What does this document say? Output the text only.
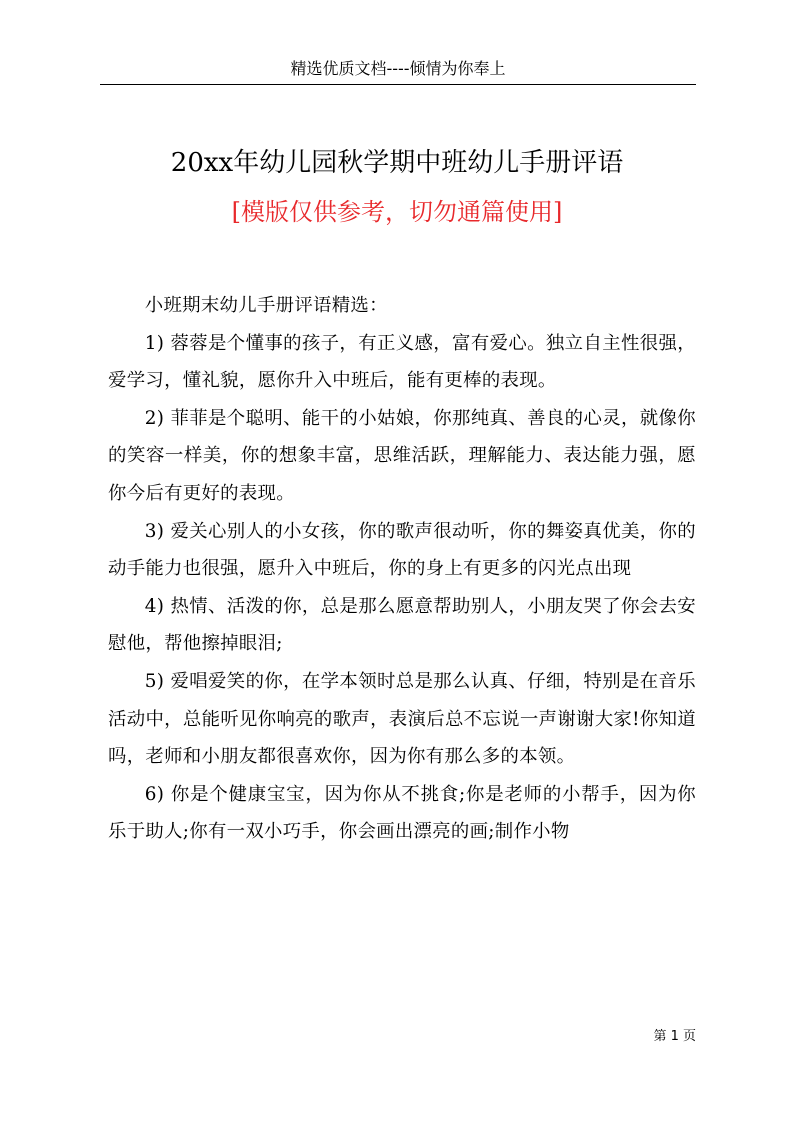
精选优质文档----倾情为你奉上
20xx年幼儿园秋学期中班幼儿手册评语

[模版仅供参考，切勿通篇使用]

小班期末幼儿手册评语精选：

1) 蓉蓉是个懂事的孩子，有正义感，富有爱心。独立自主性很强，爱学习，懂礼貌，愿你升入中班后，能有更棒的表现。

2) 菲菲是个聪明、能干的小姑娘，你那纯真、善良的心灵，就像你的笑容一样美，你的想象丰富，思维活跃，理解能力、表达能力强，愿你今后有更好的表现。

3) 爱关心别人的小女孩，你的歌声很动听，你的舞姿真优美，你的动手能力也很强，愿升入中班后，你的身上有更多的闪光点出现

4) 热情、活泼的你，总是那么愿意帮助别人，小朋友哭了你会去安慰他，帮他擦掉眼泪;

5) 爱唱爱笑的你，在学本领时总是那么认真、仔细，特别是在音乐活动中，总能听见你响亮的歌声，表演后总不忘说一声谢谢大家!你知道吗，老师和小朋友都很喜欢你，因为你有那么多的本领。

6) 你是个健康宝宝，因为你从不挑食;你是老师的小帮手，因为你乐于助人;你有一双小巧手，你会画出漂亮的画;制作小物

第 1 页
